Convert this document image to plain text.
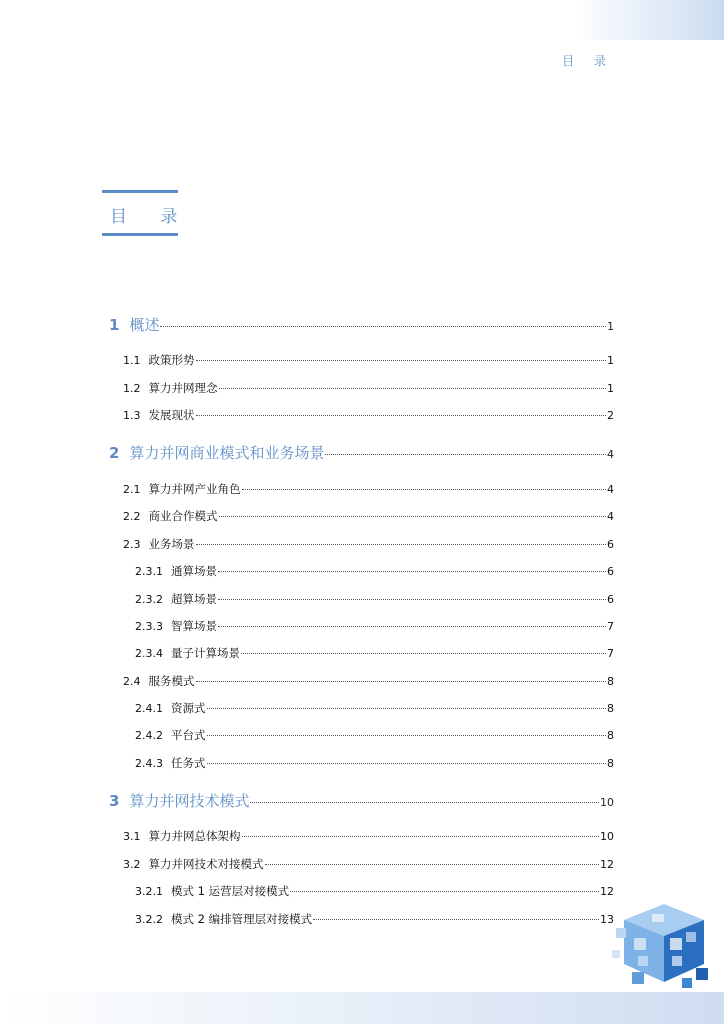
目 录
目 录
1 概述	1
1.1 政策形势	1
1.2 算力并网理念	1
1.3 发展现状	2
2 算力并网商业模式和业务场景	4
2.1 算力并网产业角色	4
2.2 商业合作模式	4
2.3 业务场景	6
2.3.1 通算场景	6
2.3.2 超算场景	6
2.3.3 智算场景	7
2.3.4 量子计算场景	7
2.4 服务模式	8
2.4.1 资源式	8
2.4.2 平台式	8
2.4.3 任务式	8
3 算力并网技术模式	10
3.1 算力并网总体架构	10
3.2 算力并网技术对接模式	12
3.2.1 模式 1 运营层对接模式	12
3.2.2 模式 2 编排管理层对接模式	13
